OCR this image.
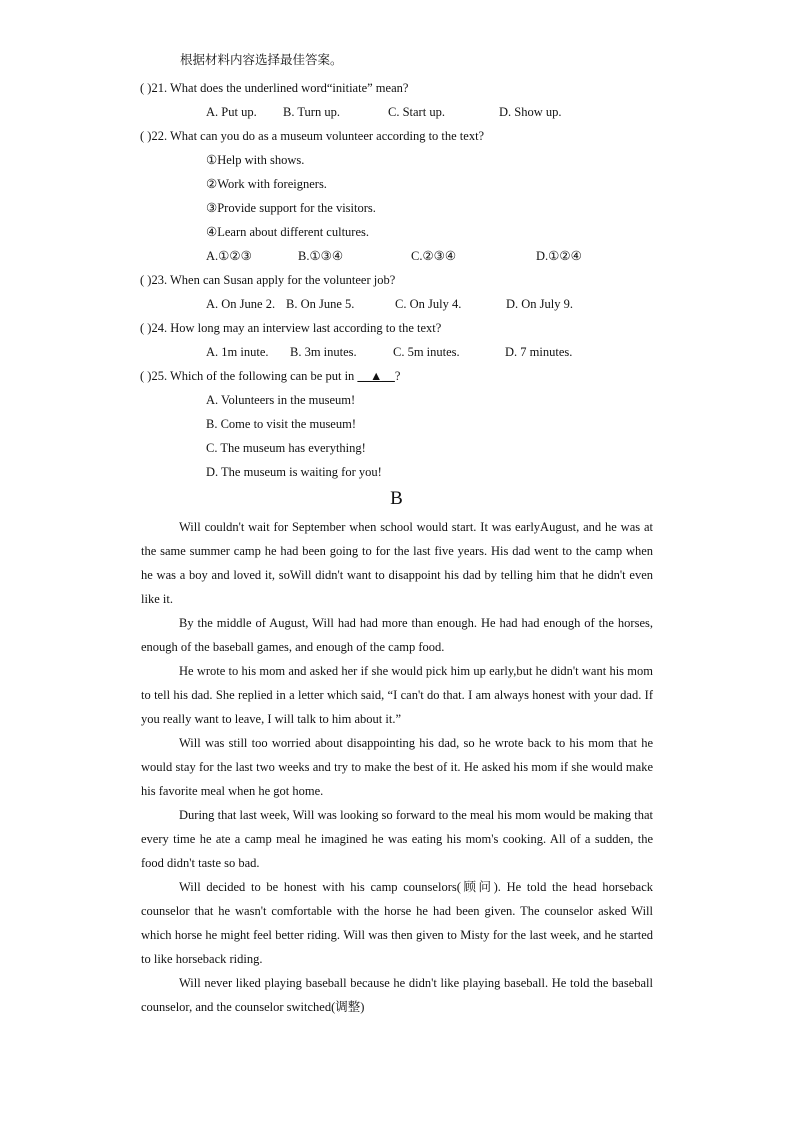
根据材料内容选择最佳答案。
( )21. What does the underlined word“initiate” mean?
A. Put up. B. Turn up.	C. Start up.	D. Show up.
( )22. What can you do as a museum volunteer according to the text?
①Help with shows.
②Work with foreigners.
③Provide support for the visitors.
④Learn about different cultures.
A.①②③	B.①③④	C.②③④	D.①②④
( )23. When can Susan apply for the volunteer job?
A. On June 2. B. On June 5.	C. On July 4.	D. On July 9.
( )24. How long may an interview last according to the text?
A. 1m inute. B. 3m inutes.	C. 5m inutes.	D. 7 minutes.
( )25. Which of the following can be put in __▲__?
A. Volunteers in the museum!
B. Come to visit the museum!
C. The museum has everything!
D. The museum is waiting for you!
B
Will couldn't wait for September when school would start. It was earlyAugust, and he was at the same summer camp he had been going to for the last five years. His dad went to the camp when he was a boy and loved it, soWill didn't want to disappoint his dad by telling him that he didn't even like it.
By the middle of August, Will had had more than enough. He had had enough of the horses, enough of the baseball games, and enough of the camp food.
He wrote to his mom and asked her if she would pick him up early,but he didn't want his mom to tell his dad. She replied in a letter which said, “I can't do that. I am always honest with your dad. If you really want to leave, I will talk to him about it.”
Will was still too worried about disappointing his dad, so he wrote back to his mom that he would stay for the last two weeks and try to make the best of it. He asked his mom if she would make his favorite meal when he got home.
During that last week, Will was looking so forward to the meal his mom would be making that every time he ate a camp meal he imagined he was eating his mom's cooking. All of a sudden, the food didn't taste so bad.
Will decided to be honest with his camp counselors(顾问). He told the head horseback counselor that he wasn't comfortable with the horse he had been given. The counselor asked Will which horse he might feel better riding. Will was then given to Misty for the last week, and he started to like horseback riding.
Will never liked playing baseball because he didn't like playing baseball. He told the baseball counselor, and the counselor switched(调整)
